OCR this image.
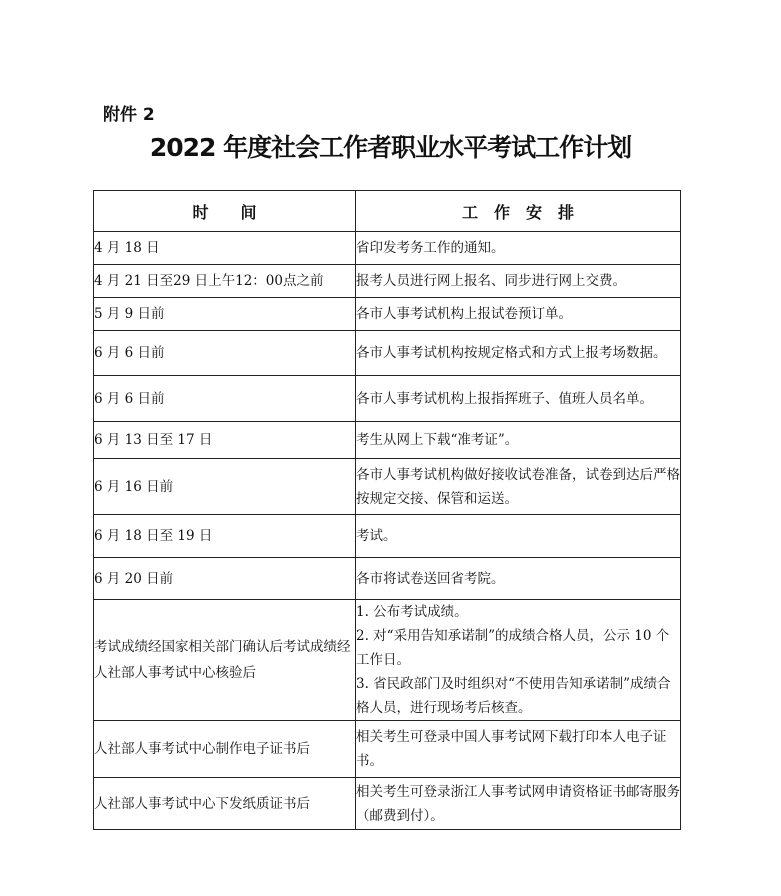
附件 2
2022 年度社会工作者职业水平考试工作计划
时　　间	工　作　安　排
4 月 18 日	省印发考务工作的通知。

4 月 21 日至29 日上午12：00点之前	报考人员进行网上报名、同步进行网上交费。

5 月 9 日前	各市人事考试机构上报试卷预订单。

6 月 6 日前	各市人事考试机构按规定格式和方式上报考场数据。

6 月 6 日前	各市人事考试机构上报指挥班子、值班人员名单。

6 月 13 日至 17 日	考生从网上下载“准考证”。

6 月 16 日前	各市人事考试机构做好接收试卷准备，试卷到达后严格按规定交接、保管和运送。

6 月 18 日至 19 日	考试。

6 月 20 日前	各市将试卷送回省考院。

考试成绩经国家相关部门确认后考试成绩经人社部人事考试中心核验后	1. 公布考试成绩。
2. 对“采用告知承诺制”的成绩合格人员，公示 10 个工作日。
3. 省民政部门及时组织对“不使用告知承诺制”成绩合格人员，进行现场考后核查。

人社部人事考试中心制作电子证书后	相关考生可登录中国人事考试网下载打印本人电子证书。

人社部人事考试中心下发纸质证书后	相关考生可登录浙江人事考试网申请资格证书邮寄服务（邮费到付）。
